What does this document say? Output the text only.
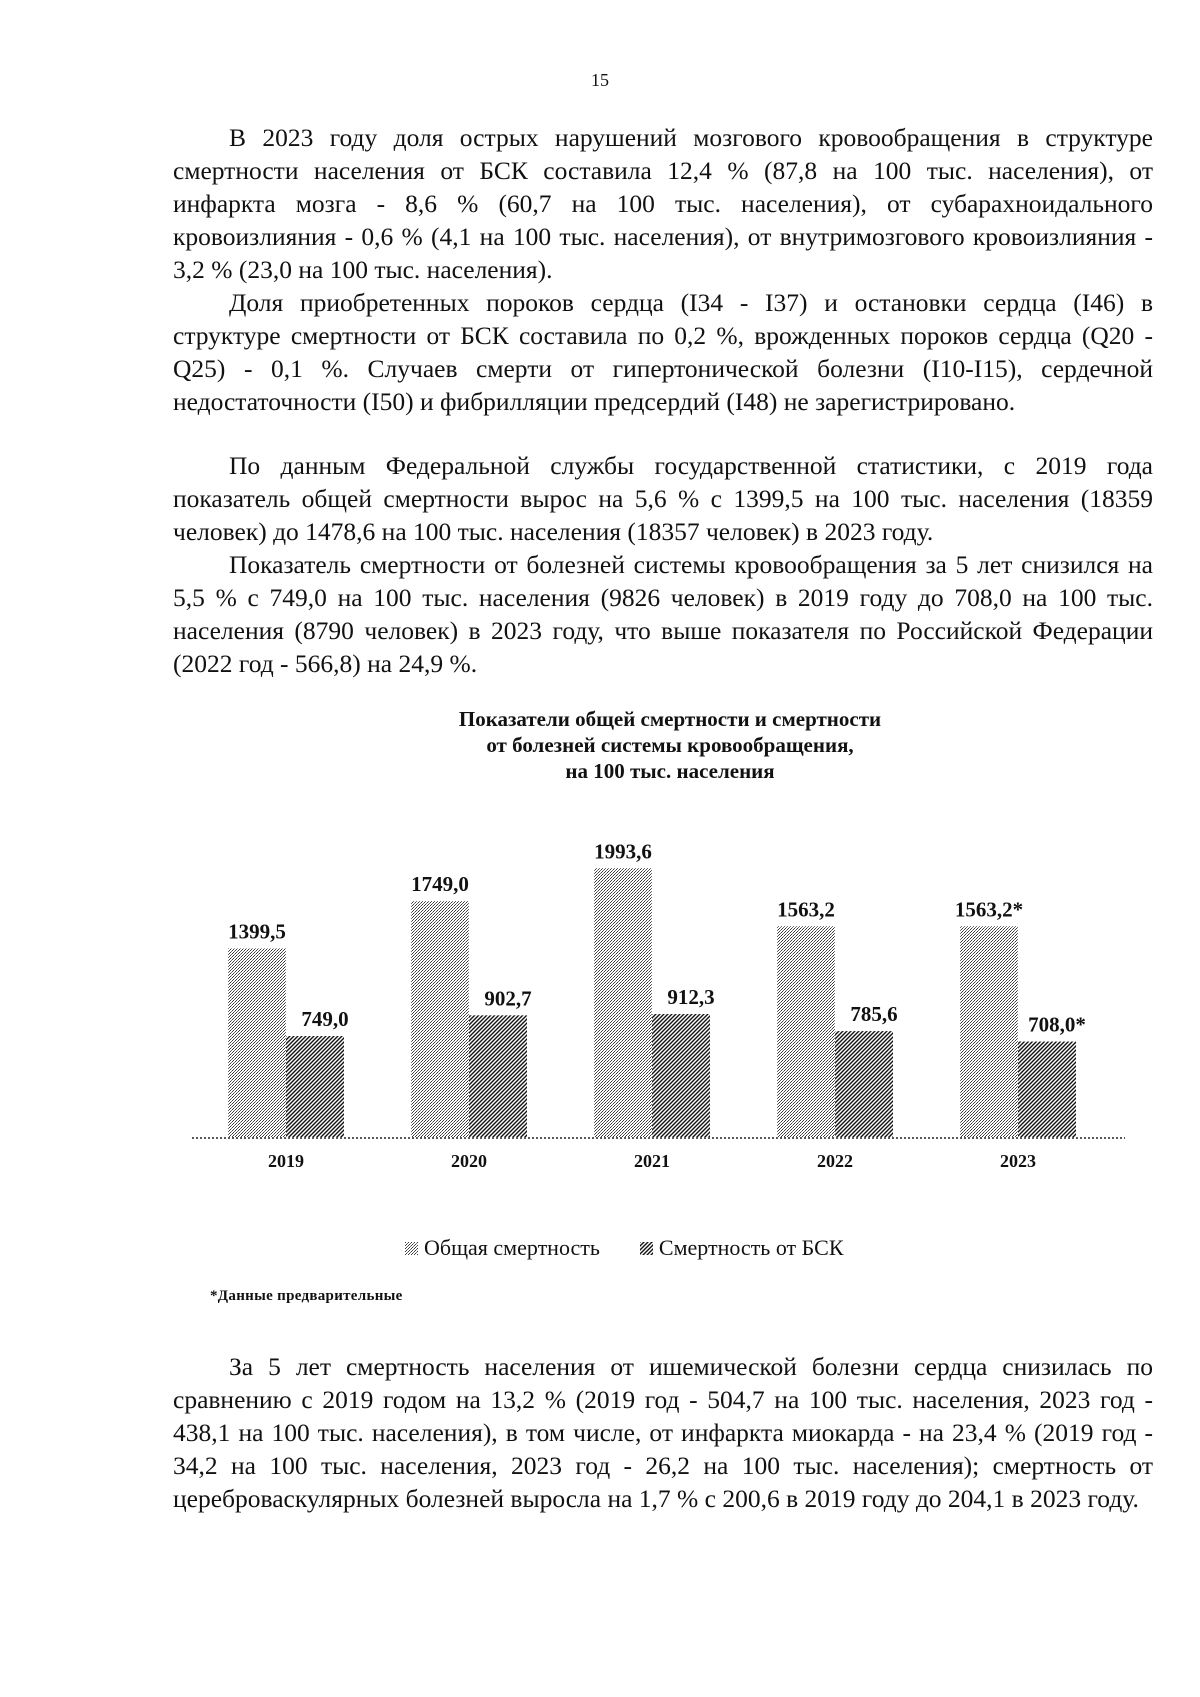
15

В 2023 году доля острых нарушений мозгового кровообращения в структуре смертности населения от БСК составила 12,4 % (87,8 на 100 тыс. населения), от инфаркта мозга - 8,6 % (60,7 на 100 тыс. населения), от субарахноидального кровоизлияния - 0,6 % (4,1 на 100 тыс. населения), от внутримозгового кровоизлияния - 3,2 % (23,0 на 100 тыс. населения).

Доля приобретенных пороков сердца (I34 - I37) и остановки сердца (I46) в структуре смертности от БСК составила по 0,2 %, врожденных пороков сердца (Q20 - Q25) - 0,1 %. Случаев смерти от гипертонической болезни (I10-I15), сердечной недостаточности (I50) и фибрилляции предсердий (I48) не зарегистрировано.

По данным Федеральной службы государственной статистики, с 2019 года показатель общей смертности вырос на 5,6 % с 1399,5 на 100 тыс. населения (18359 человек) до 1478,6 на 100 тыс. населения (18357 человек) в 2023 году.

Показатель смертности от болезней системы кровообращения за 5 лет снизился на 5,5 % с 749,0 на 100 тыс. населения (9826 человек) в 2019 году до 708,0 на 100 тыс. населения (8790 человек) в 2023 году, что выше показателя по Российской Федерации (2022 год - 566,8) на 24,9 %.

Показатели общей смертности и смертности
от болезней системы кровообращения,
на 100 тыс. населения
1399,5
749,0
1749,0
902,7
1993,6
912,3
1563,2
785,6
1563,2*
708,0*
2019	2020	2021	2022	2023
Общая смертность	Смертность от БСК
*Данные предварительные

За 5 лет смертность населения от ишемической болезни сердца снизилась по сравнению с 2019 годом на 13,2 % (2019 год - 504,7 на 100 тыс. населения, 2023 год - 438,1 на 100 тыс. населения), в том числе, от инфаркта миокарда - на 23,4 % (2019 год - 34,2 на 100 тыс. населения, 2023 год - 26,2 на 100 тыс. населения); смертность от цереброваскулярных болезней выросла на 1,7 % с 200,6 в 2019 году до 204,1 в 2023 году.
